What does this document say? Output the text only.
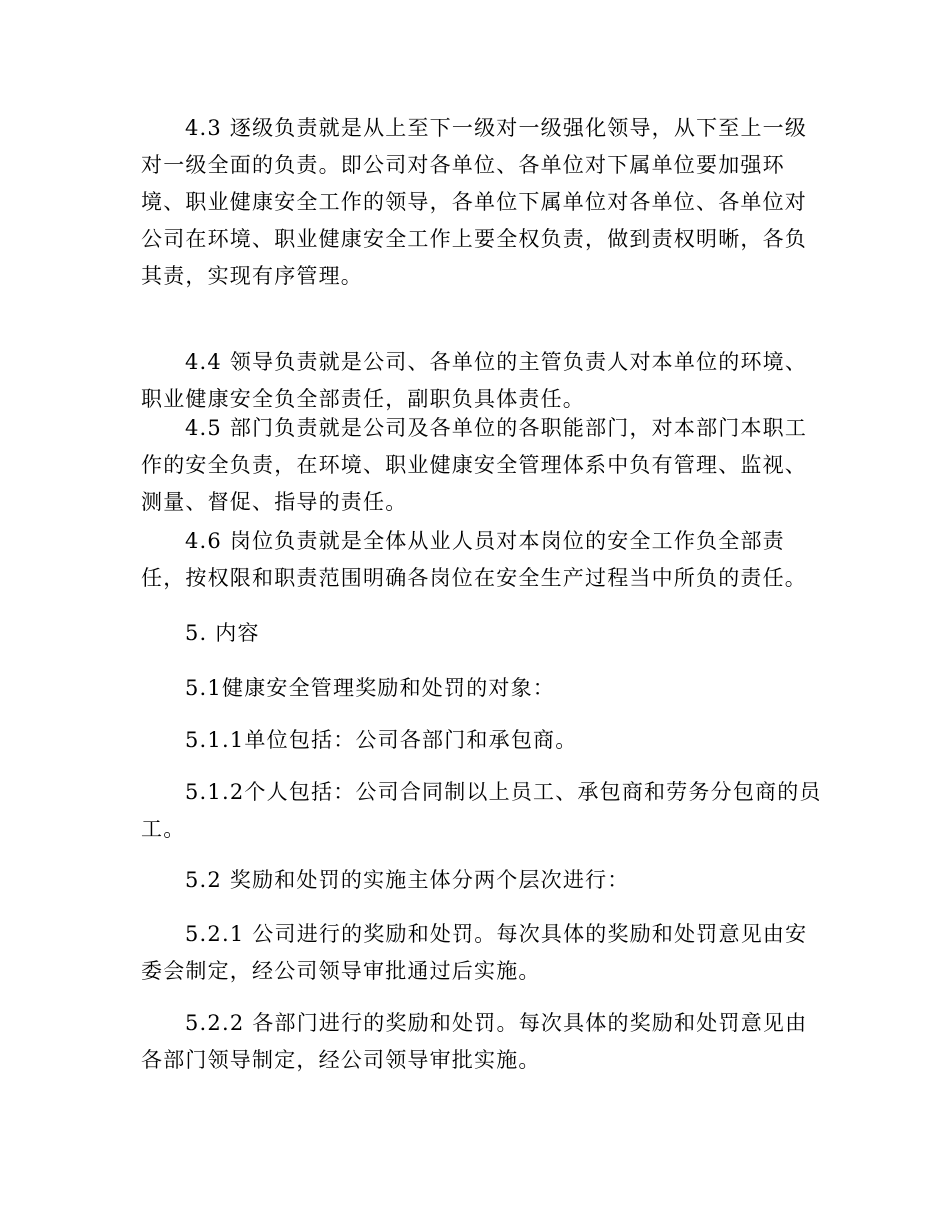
4.3 逐级负责就是从上至下一级对一级强化领导，从下至上一级
对一级全面的负责。即公司对各单位、各单位对下属单位要加强环
境、职业健康安全工作的领导，各单位下属单位对各单位、各单位对
公司在环境、职业健康安全工作上要全权负责，做到责权明晰，各负
其责，实现有序管理。
4.4 领导负责就是公司、各单位的主管负责人对本单位的环境、
职业健康安全负全部责任，副职负具体责任。
4.5 部门负责就是公司及各单位的各职能部门，对本部门本职工
作的安全负责，在环境、职业健康安全管理体系中负有管理、监视、
测量、督促、指导的责任。
4.6 岗位负责就是全体从业人员对本岗位的安全工作负全部责
任，按权限和职责范围明确各岗位在安全生产过程当中所负的责任。
5. 内容
5.1健康安全管理奖励和处罚的对象：
5.1.1单位包括：公司各部门和承包商。
5.1.2个人包括：公司合同制以上员工、承包商和劳务分包商的员
工。
5.2 奖励和处罚的实施主体分两个层次进行：
5.2.1 公司进行的奖励和处罚。每次具体的奖励和处罚意见由安
委会制定，经公司领导审批通过后实施。
5.2.2 各部门进行的奖励和处罚。每次具体的奖励和处罚意见由
各部门领导制定，经公司领导审批实施。
